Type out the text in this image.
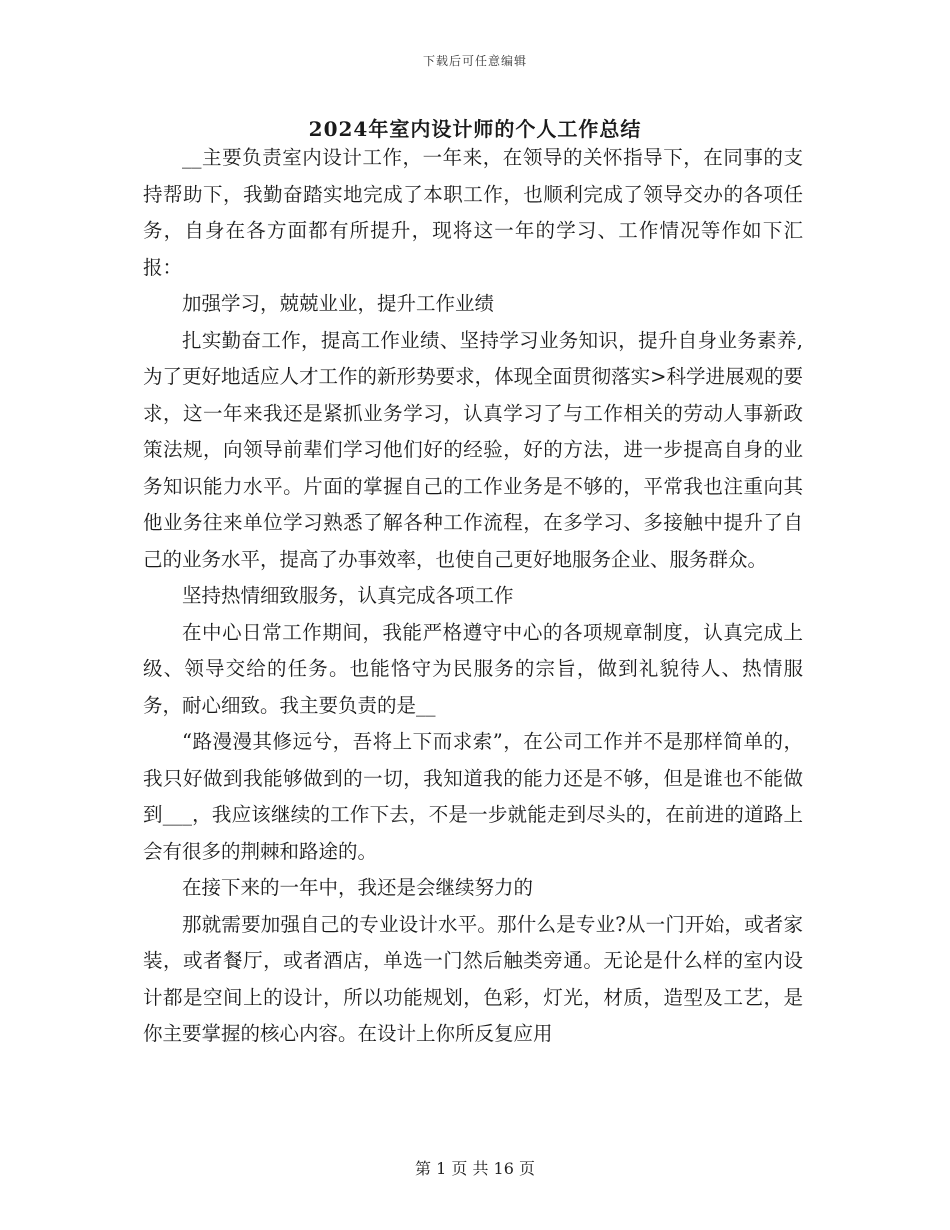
下载后可任意编辑
2024年室内设计师的个人工作总结

__主要负责室内设计工作，一年来，在领导的关怀指导下，在同事的支持帮助下，我勤奋踏实地完成了本职工作，也顺利完成了领导交办的各项任务，自身在各方面都有所提升，现将这一年的学习、工作情况等作如下汇报：

加强学习，兢兢业业，提升工作业绩

扎实勤奋工作，提高工作业绩、坚持学习业务知识，提升自身业务素养,为了更好地适应人才工作的新形势要求，体现全面贯彻落实>科学进展观的要求，这一年来我还是紧抓业务学习，认真学习了与工作相关的劳动人事新政策法规，向领导前辈们学习他们好的经验，好的方法，进一步提高自身的业务知识能力水平。片面的掌握自己的工作业务是不够的，平常我也注重向其他业务往来单位学习熟悉了解各种工作流程，在多学习、多接触中提升了自己的业务水平，提高了办事效率，也使自己更好地服务企业、服务群众。

坚持热情细致服务，认真完成各项工作

在中心日常工作期间，我能严格遵守中心的各项规章制度，认真完成上级、领导交给的任务。也能恪守为民服务的宗旨，做到礼貌待人、热情服务，耐心细致。我主要负责的是__

“路漫漫其修远兮，吾将上下而求索”，在公司工作并不是那样简单的，我只好做到我能够做到的一切，我知道我的能力还是不够，但是谁也不能做到___，我应该继续的工作下去，不是一步就能走到尽头的，在前进的道路上会有很多的荆棘和路途的。

在接下来的一年中，我还是会继续努力的

那就需要加强自己的专业设计水平。那什么是专业?从一门开始，或者家装，或者餐厅，或者酒店，单选一门然后触类旁通。无论是什么样的室内设计都是空间上的设计，所以功能规划，色彩，灯光，材质，造型及工艺，是你主要掌握的核心内容。在设计上你所反复应用

第 1 页 共 16 页
